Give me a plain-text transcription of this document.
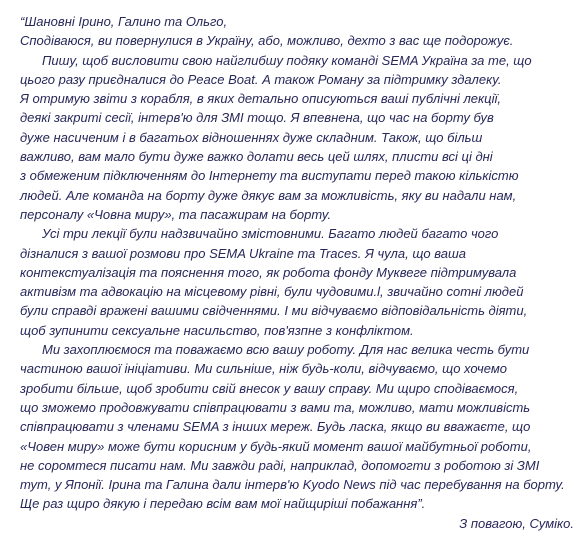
“Шановні Ірино, Галино та Ольго,

Сподіваюся, ви повернулися в Україну, або, можливо, дехто з вас ще подорожує.

Пишу, щоб висловити свою найглибшу подяку команді SEMA Україна за те, що
цього разу приєдналися до Peace Boat. А також Роману за підтримку здалеку.
Я отримую звіти з корабля, в яких детально описуються ваші публічні лекції,
деякі закриті сесії, інтерв'ю для ЗМІ тощо. Я впевнена, що час на борту був
дуже насиченим і в багатьох відношеннях дуже складним. Також, що більш
важливо, вам мало бути дуже важко долати весь цей шлях, плисти всі ці дні
з обмеженим підключенням до Інтернету та виступати перед такою кількістю
людей. Але команда на борту дуже дякує вам за можливість, яку ви надали нам,
персоналу «Човна миру», та пасажирам на борту.

Усі три лекції були надзвичайно змістовними. Багато людей багато чого
дізналися з вашої розмови про SEMA Ukraine та Traces. Я чула, що ваша
контекстуалізація та пояснення того, як робота фонду Муквеге підтримувала
активізм та адвокацію на місцевому рівні, були чудовими.l, звичайно сотні людей
були справді вражені вашими свідченнями. І ми відчуваємо відповідальність діяти,
щоб зупинити сексуальне насильство, пов'язпне з конфліктом.

Ми захоплюємося та поважаємо всю вашу роботу. Для нас велика честь бути
частиною вашої ініціативи. Ми сильніше, ніж будь-коли, відчуваємо, що хочемо
зробити більше, щоб зробити свій внесок у вашу справу. Ми щиро сподіваємося,
що зможемо продовжувати співпрацювати з вами та, можливо, мати можливість
співпрацювати з членами SEMA з інших мереж. Будь ласка, якщо ви вважаєте, що
«Човен миру» може бути корисним у будь-який момент вашої майбутньої роботи,
не соромтеся писати нам. Ми завжди раді, наприклад, допомогти з роботою зі ЗМІ
тут, у Японії. Ірина та Галина дали інтерв'ю Kyodo News під час перебування на борту.
Ще раз щиро дякую і передаю всім вам мої найщиріші побажання”.

З повагою, Суміко.
